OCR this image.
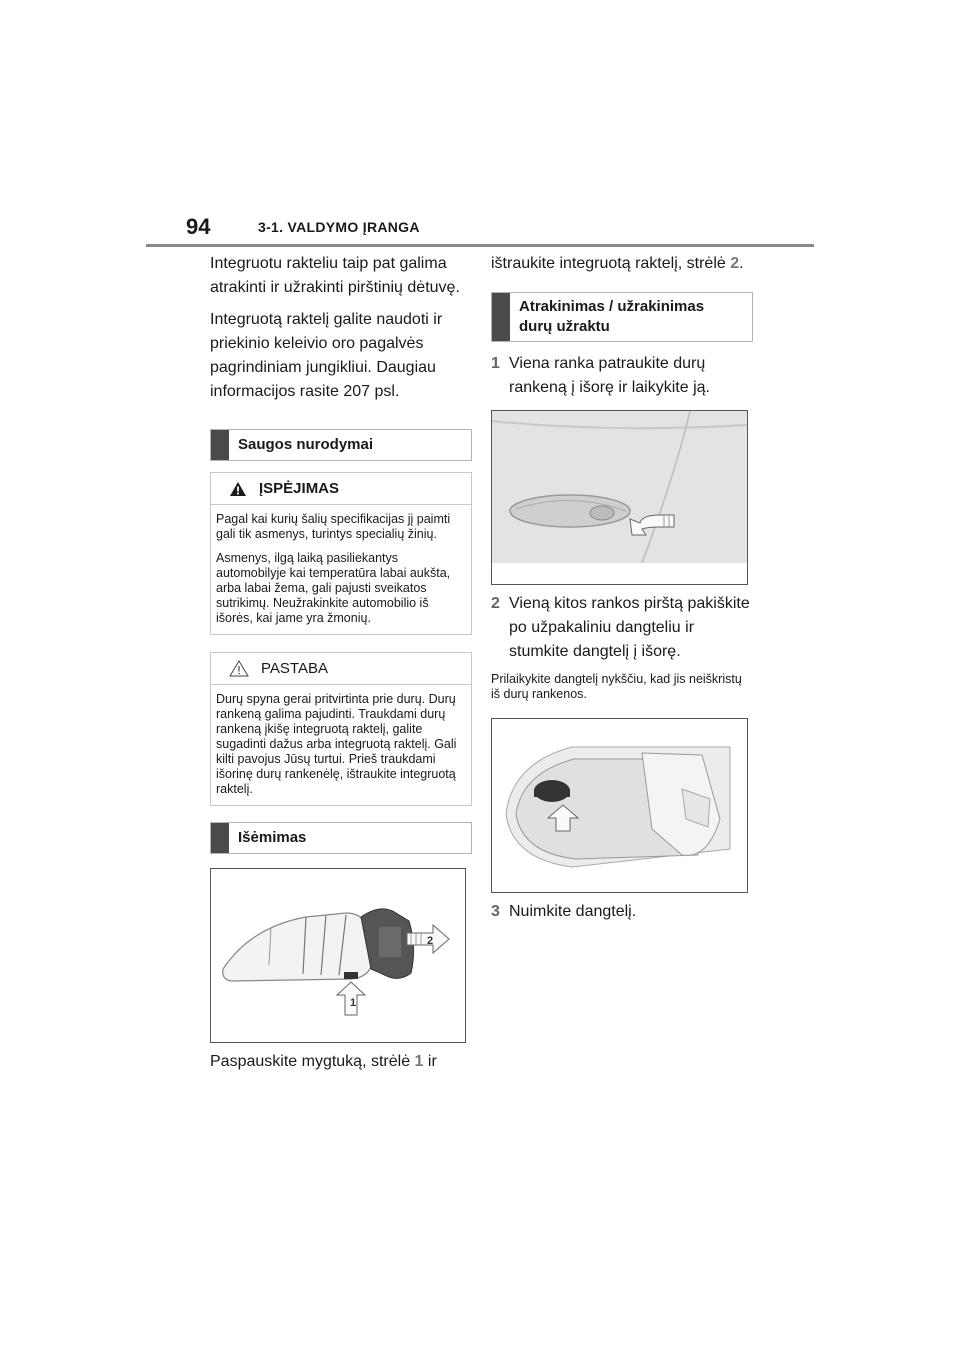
94	3-1. VALDYMO ĮRANGA

Integruotu rakteliu taip pat galima atrakinti ir užrakinti pirštinių dėtuvę.

Integruotą raktelį galite naudoti ir priekinio keleivio oro pagalvės pagrindiniam jungikliui. Daugiau informacijos rasite 207 psl.

Saugos nurodymai
ĮSPĖJIMAS

Pagal kai kurių šalių specifikacijas jį paimti gali tik asmenys, turintys specialių žinių.

Asmenys, ilgą laiką pasiliekantys automobilyje kai temperatūra labai aukšta, arba labai žema, gali pajusti sveikatos sutrikimų. Neužrakinkite automobilio iš išorės, kai jame yra žmonių.

PASTABA

Durų spyna gerai pritvirtinta prie durų. Durų rankeną galima pajudinti. Traukdami durų rankeną įkišę integruotą raktelį, galite sugadinti dažus arba integruotą raktelį. Gali kilti pavojus Jūsų turtui. Prieš traukdami išorinę durų rankenėlę, ištraukite integruotą raktelį.

Išėmimas
2
1

Paspauskite mygtuką, strėlė 1 ir

ištraukite integruotą raktelį, strėlė 2.

Atrakinimas / užrakinimas durų užraktu
1 Viena ranka patraukite durų rankeną į išorę ir laikykite ją.
2 Vieną kitos rankos pirštą pakiškite po užpakaliniu dangteliu ir stumkite dangtelį į išorę.

Prilaikykite dangtelį nykščiu, kad jis neiškristų iš durų rankenos.

3 Nuimkite dangtelį.
